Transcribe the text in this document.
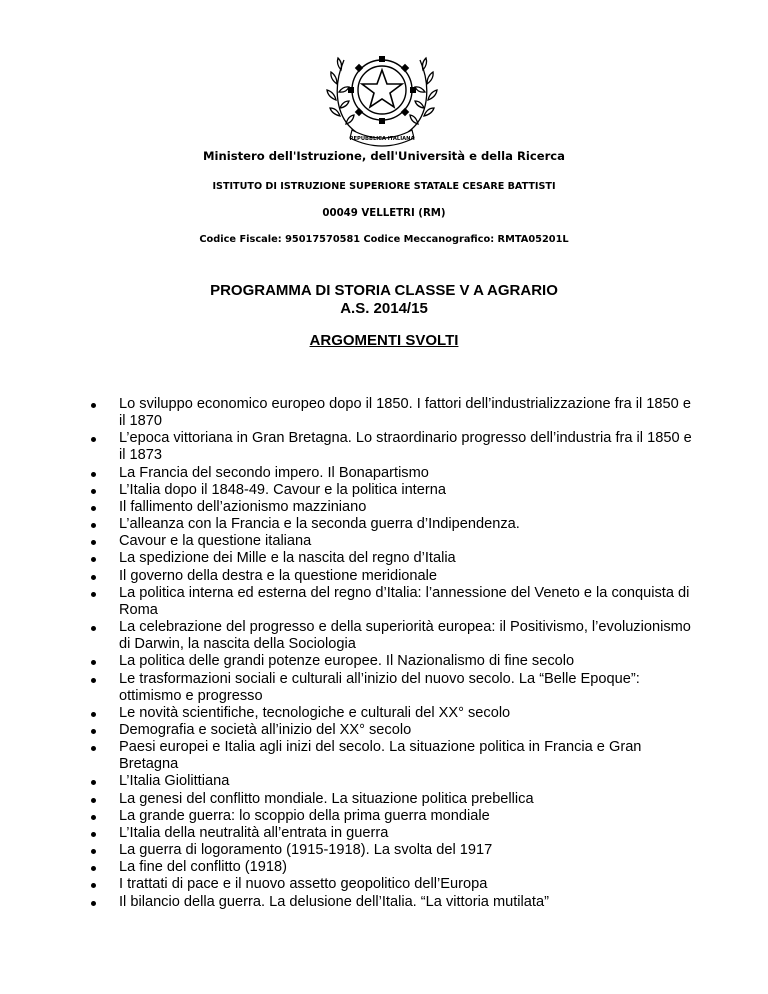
REPUBBLICA ITALIANA
Ministero dell'Istruzione, dell'Università e della Ricerca
ISTITUTO DI ISTRUZIONE SUPERIORE STATALE CESARE BATTISTI
00049 VELLETRI (RM)
Codice Fiscale: 95017570581 Codice Meccanografico: RMTA05201L
PROGRAMMA DI STORIA CLASSE V A AGRARIO
A.S. 2014/15
ARGOMENTI SVOLTI
Lo sviluppo economico europeo dopo il 1850. I fattori dell’industrializzazione fra il 1850 e il 1870
L’epoca vittoriana in Gran Bretagna. Lo straordinario progresso dell’industria fra il 1850 e il 1873
La Francia del secondo impero. Il Bonapartismo
L’Italia dopo il 1848-49. Cavour e la politica interna
Il fallimento dell’azionismo mazziniano
L’alleanza con la Francia e la seconda guerra d’Indipendenza.
Cavour e la questione italiana
La spedizione dei Mille e la nascita del regno d’Italia
Il governo della destra e la questione meridionale
La politica interna ed esterna del regno d’Italia: l’annessione del Veneto e la conquista di Roma
La celebrazione del progresso e della superiorità europea: il Positivismo, l’evoluzionismo di Darwin, la nascita della Sociologia
La politica delle grandi potenze europee. Il Nazionalismo di fine secolo
Le trasformazioni sociali e culturali all’inizio del nuovo secolo. La “Belle Epoque”: ottimismo e progresso
Le novità scientifiche, tecnologiche e culturali del XX° secolo
Demografia e società all’inizio del XX° secolo
Paesi europei e Italia agli inizi del secolo. La situazione politica in Francia e Gran Bretagna
L’Italia Giolittiana
La genesi del conflitto mondiale. La situazione politica prebellica
La grande guerra: lo scoppio della prima guerra mondiale
L’Italia della neutralità all’entrata in guerra
La guerra di logoramento (1915-1918). La svolta del 1917
La fine del conflitto (1918)
I trattati di pace e il nuovo assetto geopolitico dell’Europa
Il bilancio della guerra. La delusione dell’Italia. “La vittoria mutilata”
